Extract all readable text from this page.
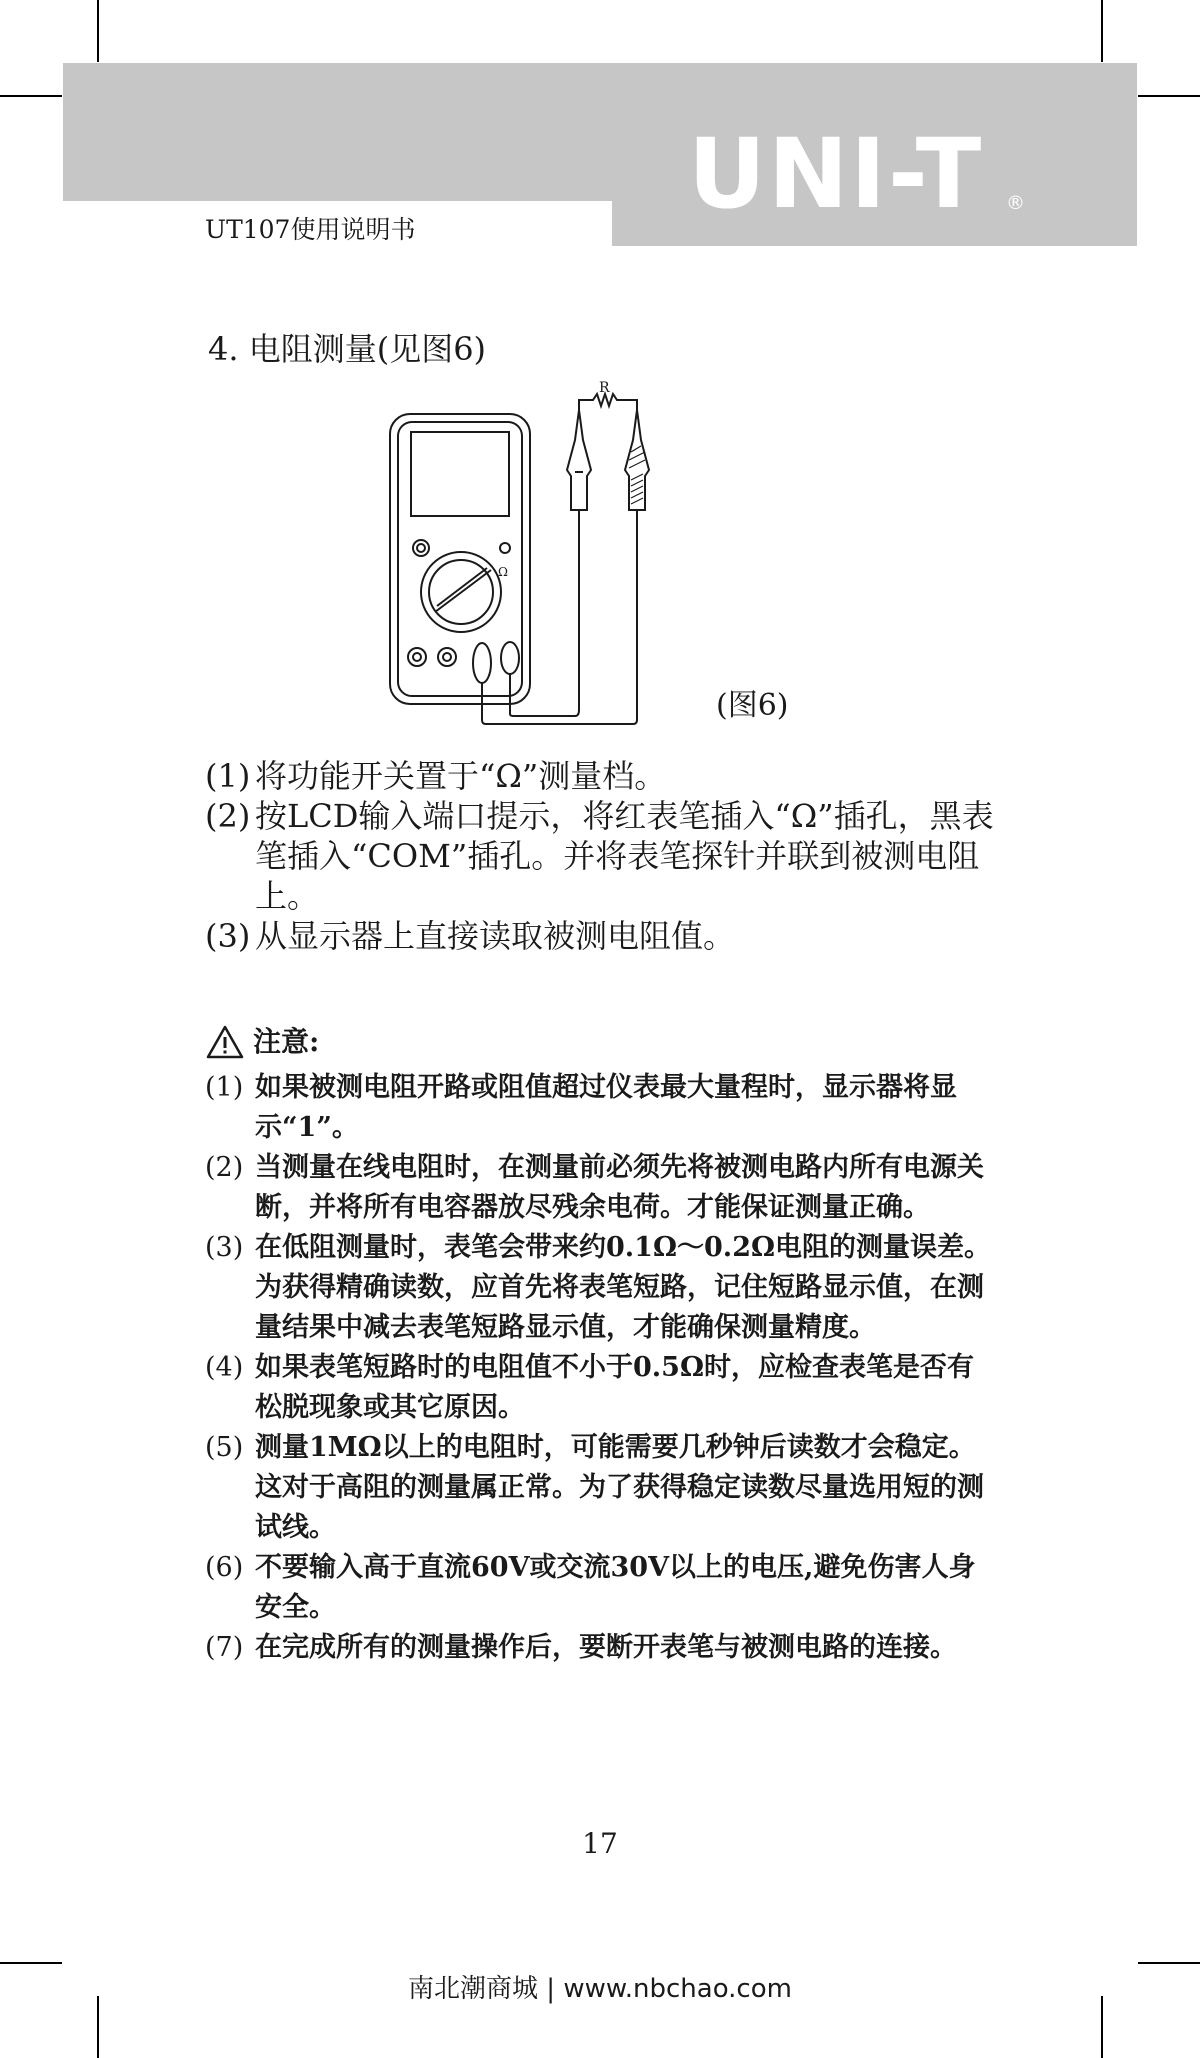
UNI-T ®
UT107使用说明书
4. 电阻测量(见图6)
R
Ω
(图6)
(1) 将功能开关置于“Ω”测量档。
(2) 按LCD输入端口提示，将红表笔插入“Ω”插孔，黑表笔插入“COM”插孔。并将表笔探针并联到被测电阻上。
(3) 从显示器上直接读取被测电阻值。
注意:
(1) 如果被测电阻开路或阻值超过仪表最大量程时，显示器将显示“1”。
(2) 当测量在线电阻时，在测量前必须先将被测电路内所有电源关断，并将所有电容器放尽残余电荷。才能保证测量正确。
(3) 在低阻测量时，表笔会带来约0.1Ω～0.2Ω电阻的测量误差。为获得精确读数，应首先将表笔短路，记住短路显示值，在测量结果中减去表笔短路显示值，才能确保测量精度。
(4) 如果表笔短路时的电阻值不小于0.5Ω时，应检查表笔是否有松脱现象或其它原因。
(5) 测量1MΩ以上的电阻时，可能需要几秒钟后读数才会稳定。这对于高阻的测量属正常。为了获得稳定读数尽量选用短的测试线。
(6) 不要输入高于直流60V或交流30V以上的电压,避免伤害人身安全。
(7) 在完成所有的测量操作后，要断开表笔与被测电路的连接。
17
南北潮商城 | www.nbchao.com
